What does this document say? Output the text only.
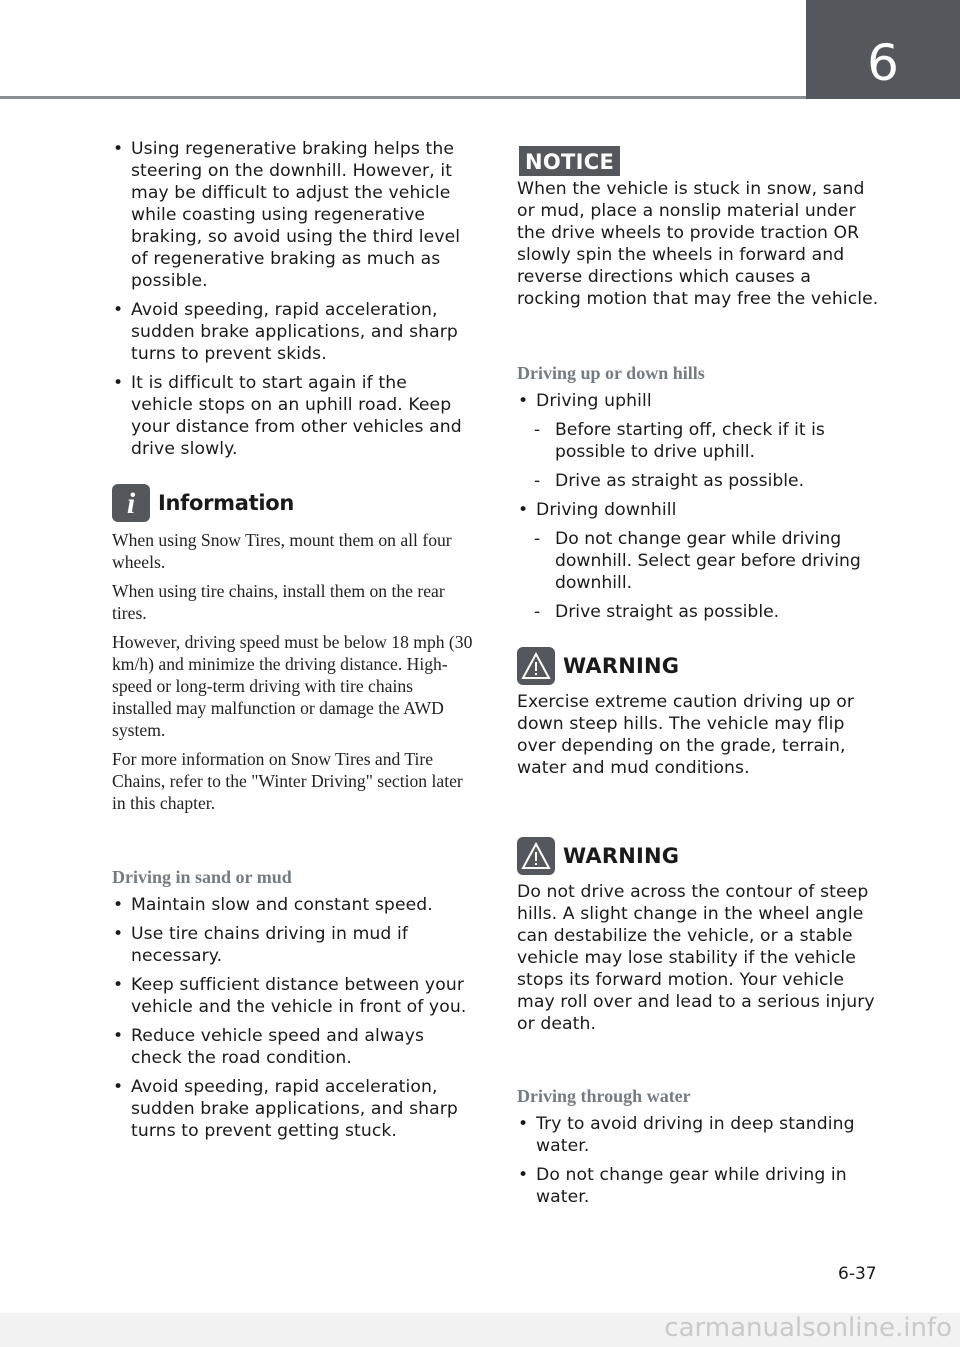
6
• Using regenerative braking helps the steering on the downhill. However, it may be difficult to adjust the vehicle while coasting using regenerative braking, so avoid using the third level of regenerative braking as much as possible.
• Avoid speeding, rapid acceleration, sudden brake applications, and sharp turns to prevent skids.
• It is difficult to start again if the vehicle stops on an uphill road. Keep your distance from other vehicles and drive slowly.
i	Information
When using Snow Tires, mount them on all four wheels.
When using tire chains, install them on the rear tires.
However, driving speed must be below 18 mph (30 km/h) and minimize the driving distance. High-speed or long-term driving with tire chains installed may malfunction or damage the AWD system.
For more information on Snow Tires and Tire Chains, refer to the "Winter Driving" section later in this chapter.
Driving in sand or mud
• Maintain slow and constant speed.
• Use tire chains driving in mud if necessary.
• Keep sufficient distance between your vehicle and the vehicle in front of you.
• Reduce vehicle speed and always check the road condition.
• Avoid speeding, rapid acceleration, sudden brake applications, and sharp turns to prevent getting stuck.
NOTICE
When the vehicle is stuck in snow, sand or mud, place a nonslip material under the drive wheels to provide traction OR slowly spin the wheels in forward and reverse directions which causes a rocking motion that may free the vehicle.
Driving up or down hills
• Driving uphill
- Before starting off, check if it is possible to drive uphill.
- Drive as straight as possible.
• Driving downhill
- Do not change gear while driving downhill. Select gear before driving downhill.
- Drive straight as possible.
WARNING
Exercise extreme caution driving up or down steep hills. The vehicle may flip over depending on the grade, terrain, water and mud conditions.
WARNING
Do not drive across the contour of steep hills. A slight change in the wheel angle can destabilize the vehicle, or a stable vehicle may lose stability if the vehicle stops its forward motion. Your vehicle may roll over and lead to a serious injury or death.
Driving through water
• Try to avoid driving in deep standing water.
• Do not change gear while driving in water.
6-37
carmanualsonline.info
